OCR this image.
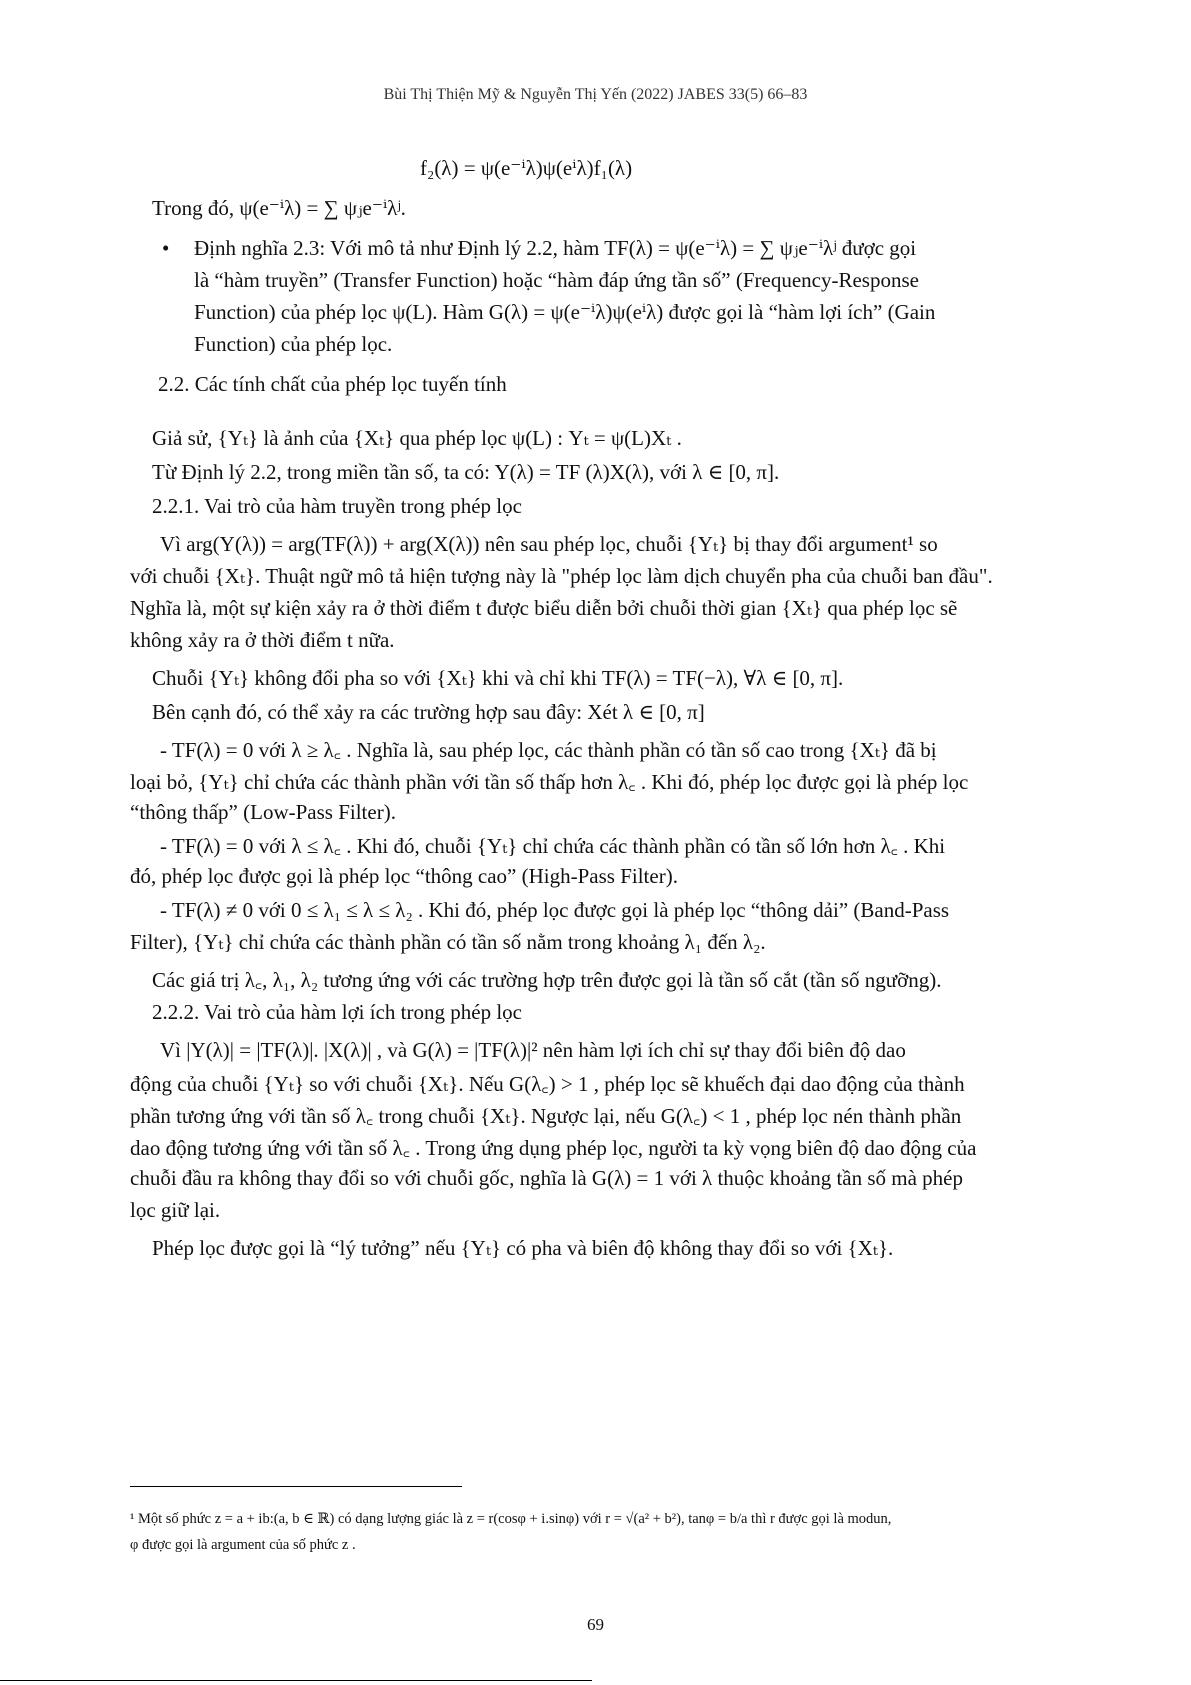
Bùi Thị Thiện Mỹ & Nguyễn Thị Yến (2022) JABES 33(5) 66–83
f₂(λ) = ψ(e⁻ⁱλ)ψ(eⁱλ)f₁(λ)
Trong đó, ψ(e⁻ⁱλ) = ∑ ψⱼe⁻ⁱλʲ.
• Định nghĩa 2.3: Với mô tả như Định lý 2.2, hàm TF(λ) = ψ(e⁻ⁱλ) = ∑ ψⱼe⁻ⁱλʲ được gọi
là “hàm truyền” (Transfer Function) hoặc “hàm đáp ứng tần số” (Frequency-Response
Function) của phép lọc ψ(L). Hàm G(λ) = ψ(e⁻ⁱλ)ψ(eⁱλ) được gọi là “hàm lợi ích” (Gain
Function) của phép lọc.
2.2. Các tính chất của phép lọc tuyến tính
Giả sử, {Yₜ} là ảnh của {Xₜ} qua phép lọc ψ(L) : Yₜ = ψ(L)Xₜ .
Từ Định lý 2.2, trong miền tần số, ta có: Y(λ) = TF (λ)X(λ), với λ ∈ [0, π].
2.2.1. Vai trò của hàm truyền trong phép lọc
Vì arg(Y(λ)) = arg(TF(λ)) + arg(X(λ)) nên sau phép lọc, chuỗi {Yₜ} bị thay đổi argument¹ so
với chuỗi {Xₜ}. Thuật ngữ mô tả hiện tượng này là "phép lọc làm dịch chuyển pha của chuỗi ban đầu".
Nghĩa là, một sự kiện xảy ra ở thời điểm t được biểu diễn bởi chuỗi thời gian {Xₜ} qua phép lọc sẽ
không xảy ra ở thời điểm t nữa.
Chuỗi {Yₜ} không đổi pha so với {Xₜ} khi và chỉ khi TF(λ) = TF(−λ), ∀λ ∈ [0, π].
Bên cạnh đó, có thể xảy ra các trường hợp sau đây: Xét λ ∈ [0, π]
- TF(λ) = 0 với λ ≥ λ꜀ . Nghĩa là, sau phép lọc, các thành phần có tần số cao trong {Xₜ} đã bị
loại bỏ, {Yₜ} chỉ chứa các thành phần với tần số thấp hơn λ꜀ . Khi đó, phép lọc được gọi là phép lọc
“thông thấp” (Low-Pass Filter).
- TF(λ) = 0 với λ ≤ λ꜀ . Khi đó, chuỗi {Yₜ} chỉ chứa các thành phần có tần số lớn hơn λ꜀ . Khi
đó, phép lọc được gọi là phép lọc “thông cao” (High-Pass Filter).
- TF(λ) ≠ 0 với 0 ≤ λ₁ ≤ λ ≤ λ₂ . Khi đó, phép lọc được gọi là phép lọc “thông dải” (Band-Pass
Filter), {Yₜ} chỉ chứa các thành phần có tần số nằm trong khoảng λ₁ đến λ₂.
Các giá trị λ꜀, λ₁, λ₂ tương ứng với các trường hợp trên được gọi là tần số cắt (tần số ngưỡng).
2.2.2. Vai trò của hàm lợi ích trong phép lọc
Vì |Y(λ)| = |TF(λ)|. |X(λ)| , và G(λ) = |TF(λ)|² nên hàm lợi ích chỉ sự thay đổi biên độ dao
động của chuỗi {Yₜ} so với chuỗi {Xₜ}. Nếu G(λ꜀) > 1 , phép lọc sẽ khuếch đại dao động của thành
phần tương ứng với tần số λ꜀ trong chuỗi {Xₜ}. Ngược lại, nếu G(λ꜀) < 1 , phép lọc nén thành phần
dao động tương ứng với tần số λ꜀ . Trong ứng dụng phép lọc, người ta kỳ vọng biên độ dao động của
chuỗi đầu ra không thay đổi so với chuỗi gốc, nghĩa là G(λ) = 1 với λ thuộc khoảng tần số mà phép
lọc giữ lại.
Phép lọc được gọi là “lý tưởng” nếu {Yₜ} có pha và biên độ không thay đổi so với {Xₜ}.
¹ Một số phức z = a + ib:(a, b ∈ ℝ) có dạng lượng giác là z = r(cosφ + i.sinφ) với r = √(a² + b²), tanφ = b/a thì r được gọi là modun,
φ được gọi là argument của số phức z .
69
